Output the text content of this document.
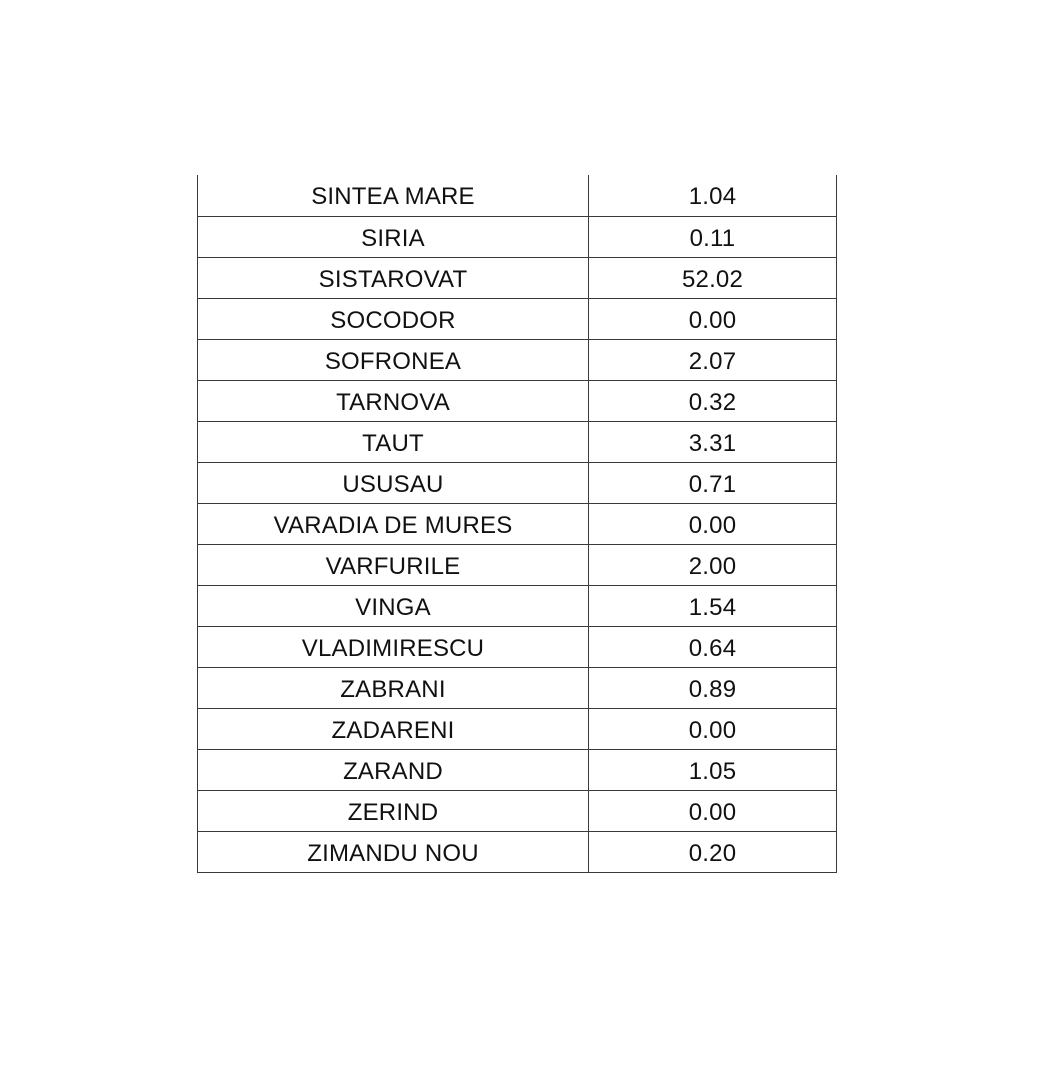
SINTEA MARE	1.04
SIRIA	0.11
SISTAROVAT	52.02
SOCODOR	0.00
SOFRONEA	2.07
TARNOVA	0.32
TAUT	3.31
USUSAU	0.71
VARADIA DE MURES	0.00
VARFURILE	2.00
VINGA	1.54
VLADIMIRESCU	0.64
ZABRANI	0.89
ZADARENI	0.00
ZARAND	1.05
ZERIND	0.00
ZIMANDU NOU	0.20
